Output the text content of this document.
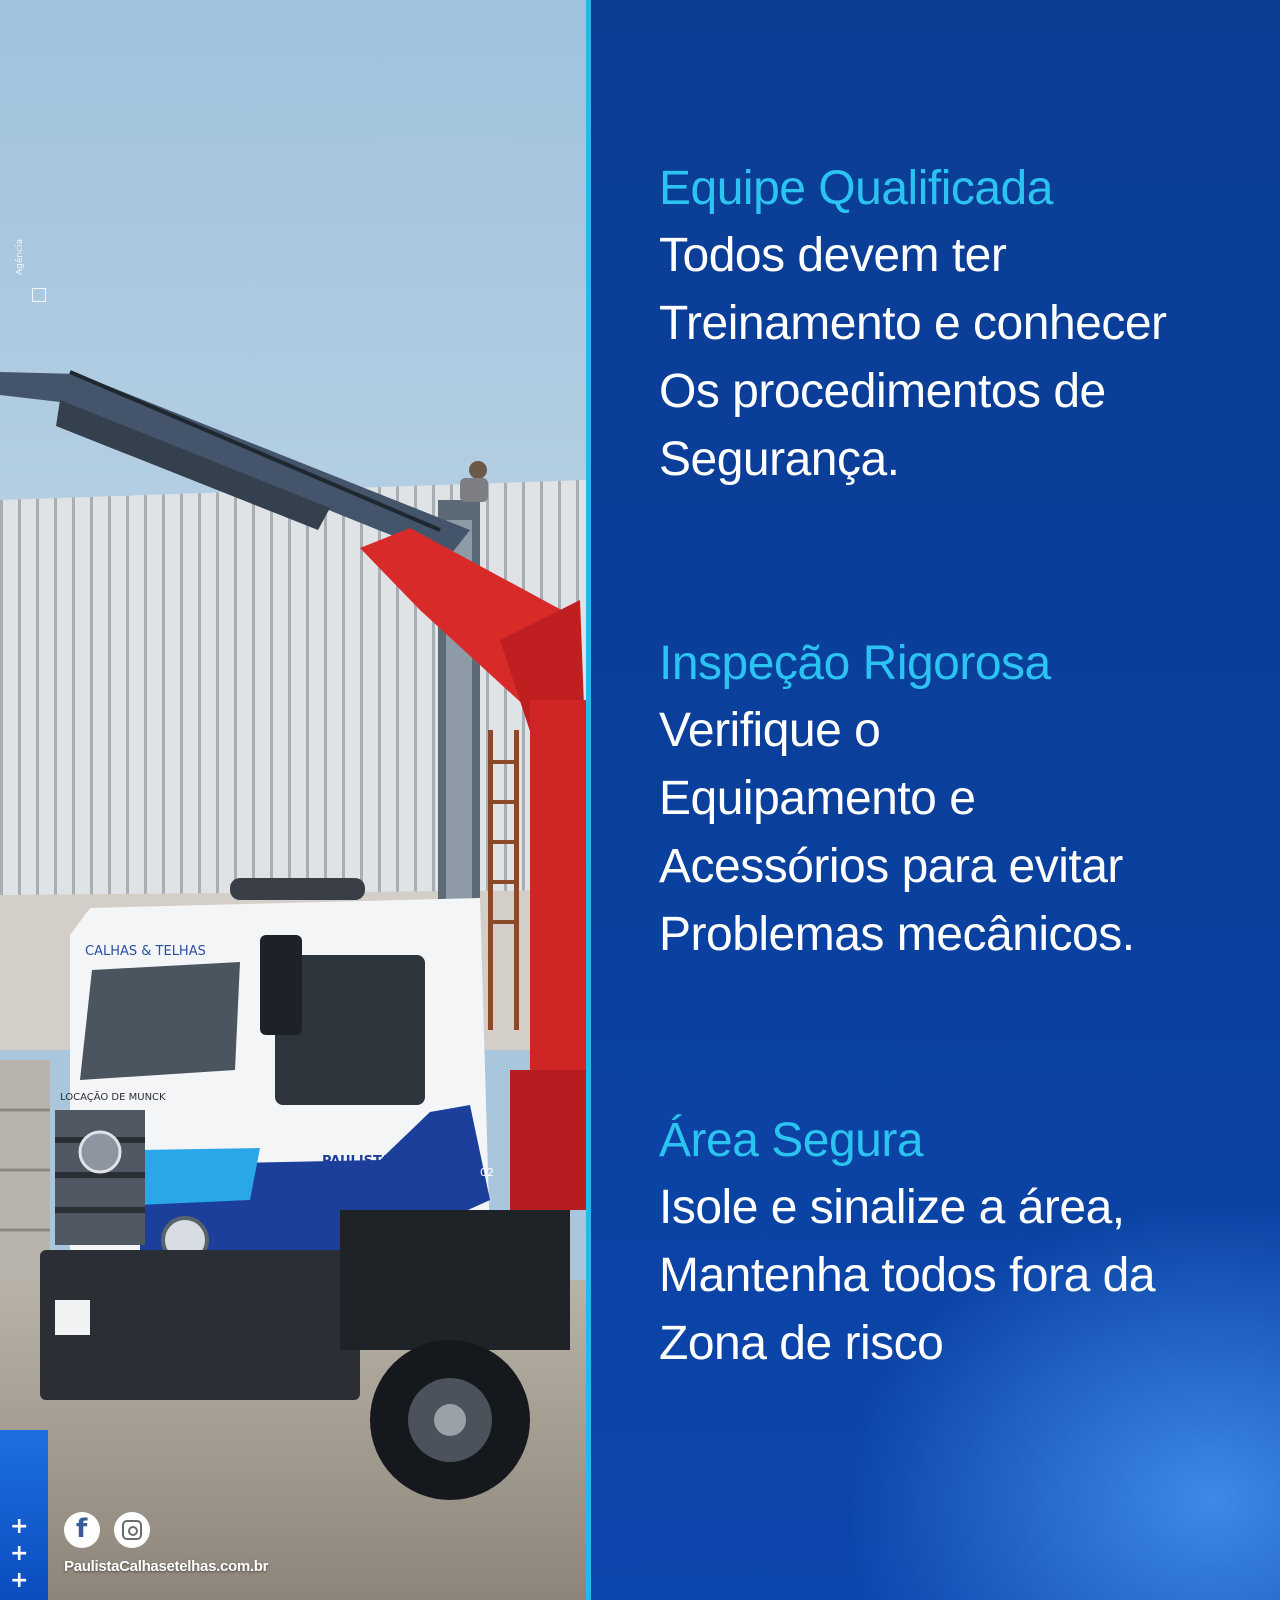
CALHAS & TELHAS
PAULISTA
LOCAÇÃO DE MUNCK
02
Agência
+
+
+
f
PaulistaCalhasetelhas.com.br
Equipe Qualificada
Todos devem ter
Treinamento e conhecer
Os procedimentos de
Segurança.
Inspeção Rigorosa
Verifique o
Equipamento e
Acessórios para evitar
Problemas mecânicos.
Área Segura
Isole e sinalize a área,
Mantenha todos fora da
Zona de risco
